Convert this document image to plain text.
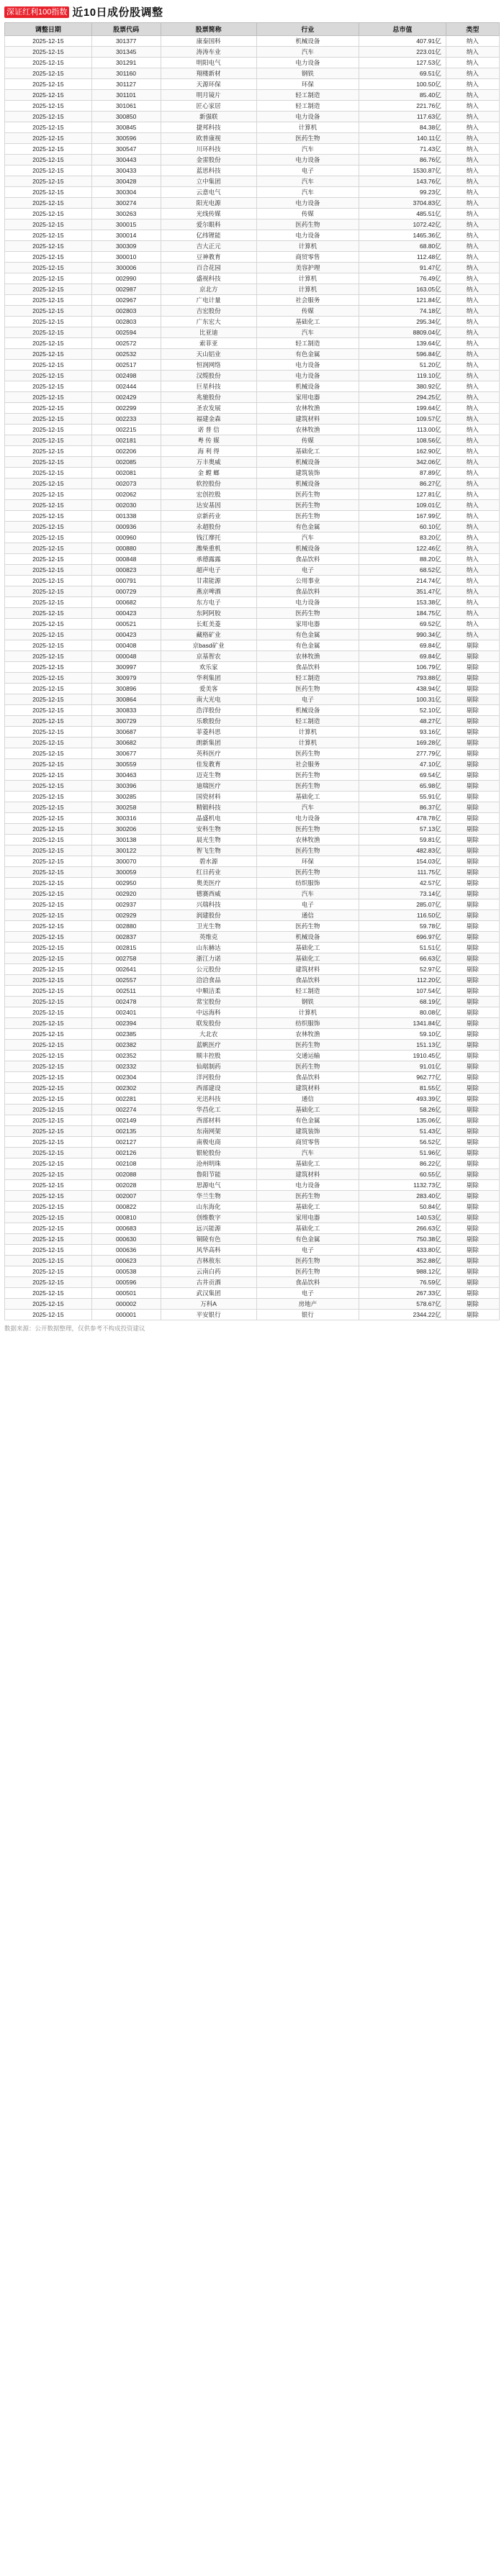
深证红利100指数 近10日成份股调整
调整日期	股票代码	股票简称	行业	总市值	类型
2025-12-15	301377	康泰国科	机械设备	407.91亿	纳入
2025-12-15	301345	涛涛车业	汽车	223.01亿	纳入
2025-12-15	301291	明阳电气	电力设备	127.53亿	纳入
2025-12-15	301160	翔楼新材	钢铁	69.51亿	纳入
2025-12-15	301127	天源环保	环保	100.50亿	纳入
2025-12-15	301101	明月镜片	轻工制造	85.40亿	纳入
2025-12-15	301061	匠心家居	轻工制造	221.76亿	纳入
2025-12-15	300850	新强联	电力设备	117.63亿	纳入
2025-12-15	300845	捷邦科技	计算机	84.38亿	纳入
2025-12-15	300596	欧普康视	医药生物	140.11亿	纳入
2025-12-15	300547	川环科技	汽车	71.43亿	纳入
2025-12-15	300443	金雷股份	电力设备	86.76亿	纳入
2025-12-15	300433	蓝思科技	电子	1530.87亿	纳入
2025-12-15	300428	立中集团	汽车	143.76亿	纳入
2025-12-15	300304	云意电气	汽车	99.23亿	纳入
2025-12-15	300274	阳光电源	电力设备	3704.83亿	纳入
2025-12-15	300263	光线传媒	传媒	485.51亿	纳入
2025-12-15	300015	爱尔眼科	医药生物	1072.42亿	纳入
2025-12-15	300014	亿纬锂能	电力设备	1465.36亿	纳入
2025-12-15	300309	吉大正元	计算机	68.80亿	纳入
2025-12-15	300010	豆神教育	商贸零售	112.48亿	纳入
2025-12-15	300006	百合花园	美容护理	91.47亿	纳入
2025-12-15	002990	盛视科技	计算机	76.49亿	纳入
2025-12-15	002987	京北方	计算机	163.05亿	纳入
2025-12-15	002967	广电计量	社会服务	121.84亿	纳入
2025-12-15	002803	吉宏股份	传媒	74.18亿	纳入
2025-12-15	002803	广东宏大	基础化工	295.34亿	纳入
2025-12-15	002594	比亚迪	汽车	8809.04亿	纳入
2025-12-15	002572	索菲亚	轻工制造	139.64亿	纳入
2025-12-15	002532	天山铝业	有色金属	596.84亿	纳入
2025-12-15	002517	恒润网络	电力设备	51.20亿	纳入
2025-12-15	002498	汉缆股份	电力设备	119.10亿	纳入
2025-12-15	002444	巨星科技	机械设备	380.92亿	纳入
2025-12-15	002429	兆驰股份	家用电器	294.25亿	纳入
2025-12-15	002299	圣农发展	农林牧渔	199.64亿	纳入
2025-12-15	002233	福建金森	建筑材料	109.57亿	纳入
2025-12-15	002215	诺 普 信	农林牧渔	113.00亿	纳入
2025-12-15	002181	粤 传 媒	传媒	108.56亿	纳入
2025-12-15	002206	海 利 得	基础化工	162.90亿	纳入
2025-12-15	002085	万丰奥威	机械设备	342.06亿	纳入
2025-12-15	002081	金 螳 螂	建筑装饰	87.89亿	纳入
2025-12-15	002073	软控股份	机械设备	86.27亿	纳入
2025-12-15	002062	宏创控股	医药生物	127.81亿	纳入
2025-12-15	002030	达安基因	医药生物	109.01亿	纳入
2025-12-15	001338	京新药业	医药生物	167.99亿	纳入
2025-12-15	000936	永超股份	有色金属	60.10亿	纳入
2025-12-15	000960	钱江摩托	汽车	83.20亿	纳入
2025-12-15	000880	潍柴重机	机械设备	122.46亿	纳入
2025-12-15	000848	承德露露	食品饮料	88.20亿	纳入
2025-12-15	000823	超声电子	电子	68.52亿	纳入
2025-12-15	000791	甘肃能源	公用事业	214.74亿	纳入
2025-12-15	000729	燕京啤酒	食品饮料	351.47亿	纳入
2025-12-15	000682	东方电子	电力设备	153.38亿	纳入
2025-12-15	000423	东阿阿胶	医药生物	184.75亿	纳入
2025-12-15	000521	长虹美菱	家用电器	69.52亿	纳入
2025-12-15	000423	藏格矿业	有色金属	990.34亿	纳入
2025-12-15	000408	京basd矿业	有色金属	69.84亿	剔除
2025-12-15	000048	京基智农	农林牧渔	69.84亿	剔除
2025-12-15	300997	欢乐家	食品饮料	106.79亿	剔除
2025-12-15	300979	华利集团	轻工制造	793.88亿	剔除
2025-12-15	300896	爱美客	医药生物	438.94亿	剔除
2025-12-15	300864	南大光电	电子	100.31亿	剔除
2025-12-15	300833	浩洋股份	机械设备	52.10亿	剔除
2025-12-15	300729	乐歌股份	轻工制造	48.27亿	剔除
2025-12-15	300687	菲菱科思	计算机	93.16亿	剔除
2025-12-15	300682	朗新集团	计算机	169.28亿	剔除
2025-12-15	300677	英科医疗	医药生物	277.79亿	剔除
2025-12-15	300559	佳发教育	社会服务	47.10亿	剔除
2025-12-15	300463	迈克生物	医药生物	69.54亿	剔除
2025-12-15	300396	迪瑞医疗	医药生物	65.98亿	剔除
2025-12-15	300285	国瓷材料	基础化工	55.91亿	剔除
2025-12-15	300258	精锻科技	汽车	86.37亿	剔除
2025-12-15	300316	晶盛机电	电力设备	478.78亿	剔除
2025-12-15	300206	安科生物	医药生物	57.13亿	剔除
2025-12-15	300138	晨光生物	农林牧渔	59.81亿	剔除
2025-12-15	300122	智飞生物	医药生物	482.83亿	剔除
2025-12-15	300070	碧水源	环保	154.03亿	剔除
2025-12-15	300059	红日药业	医药生物	111.75亿	剔除
2025-12-15	002950	奥美医疗	纺织服饰	42.57亿	剔除
2025-12-15	002920	德赛西威	汽车	73.14亿	剔除
2025-12-15	002937	兴瑞科技	电子	285.07亿	剔除
2025-12-15	002929	润建股份	通信	116.50亿	剔除
2025-12-15	002880	卫光生物	医药生物	59.78亿	剔除
2025-12-15	002837	英维克	机械设备	696.97亿	剔除
2025-12-15	002815	山东赫达	基础化工	51.51亿	剔除
2025-12-15	002758	浙江力诺	基础化工	66.63亿	剔除
2025-12-15	002641	公元股份	建筑材料	52.97亿	剔除
2025-12-15	002557	洽洽食品	食品饮料	112.20亿	剔除
2025-12-15	002511	中顺洁柔	轻工制造	107.54亿	剔除
2025-12-15	002478	常宝股份	钢铁	68.19亿	剔除
2025-12-15	002401	中远海科	计算机	80.08亿	剔除
2025-12-15	002394	联发股份	纺织服饰	1341.84亿	剔除
2025-12-15	002385	大北农	农林牧渔	59.10亿	剔除
2025-12-15	002382	蓝帆医疗	医药生物	151.13亿	剔除
2025-12-15	002352	顺丰控股	交通运输	1910.45亿	剔除
2025-12-15	002332	仙琚制药	医药生物	91.01亿	剔除
2025-12-15	002304	洋河股份	食品饮料	962.77亿	剔除
2025-12-15	002302	西部建设	建筑材料	81.55亿	剔除
2025-12-15	002281	光迅科技	通信	493.39亿	剔除
2025-12-15	002274	华昌化工	基础化工	58.26亿	剔除
2025-12-15	002149	西部材料	有色金属	135.06亿	剔除
2025-12-15	002135	东南网架	建筑装饰	51.43亿	剔除
2025-12-15	002127	南极电商	商贸零售	56.52亿	剔除
2025-12-15	002126	银轮股份	汽车	51.96亿	剔除
2025-12-15	002108	沧州明珠	基础化工	86.22亿	剔除
2025-12-15	002088	鲁阳节能	建筑材料	60.55亿	剔除
2025-12-15	002028	思源电气	电力设备	1132.73亿	剔除
2025-12-15	002007	华兰生物	医药生物	283.40亿	剔除
2025-12-15	000822	山东海化	基础化工	50.84亿	剔除
2025-12-15	000810	创维数字	家用电器	140.53亿	剔除
2025-12-15	000683	远兴能源	基础化工	266.63亿	剔除
2025-12-15	000630	铜陵有色	有色金属	750.38亿	剔除
2025-12-15	000636	风华高科	电子	433.80亿	剔除
2025-12-15	000623	吉林敖东	医药生物	352.88亿	剔除
2025-12-15	000538	云南白药	医药生物	988.12亿	剔除
2025-12-15	000596	古井贡酒	食品饮料	76.59亿	剔除
2025-12-15	000501	武汉集团	电子	267.33亿	剔除
2025-12-15	000002	万科A	房地产	578.67亿	剔除
2025-12-15	000001	平安银行	银行	2344.22亿	剔除
数据来源：公开数据整理，仅供参考不构成投资建议
